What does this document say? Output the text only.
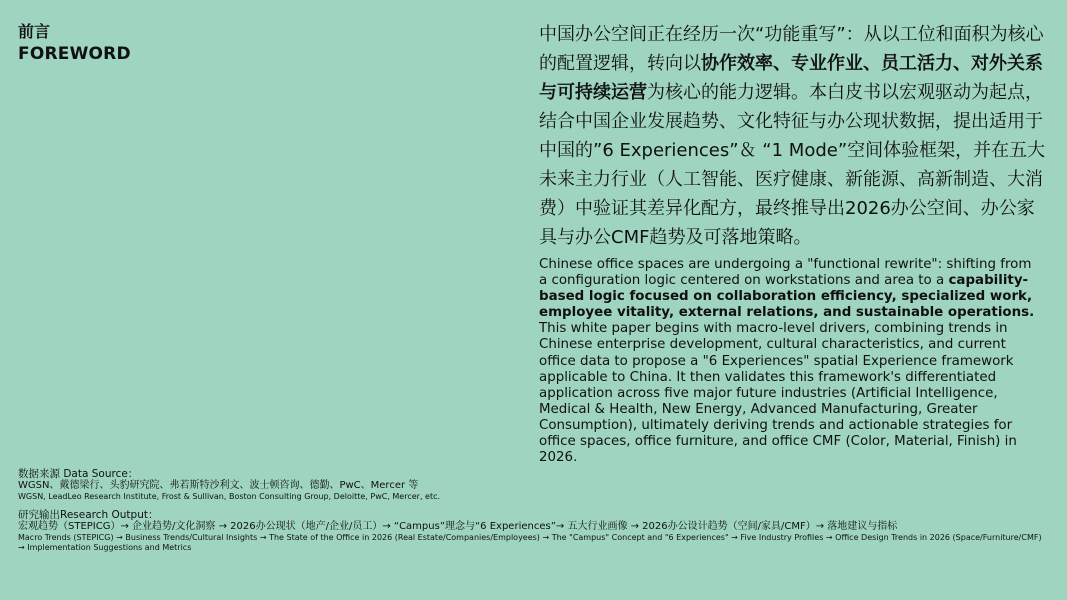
前言
FOREWORD

中国办公空间正在经历一次“功能重写”：从以工位和面积为核心的配置逻辑，转向以协作效率、专业作业、员工活力、对外关系与可持续运营为核心的能力逻辑。本白皮书以宏观驱动为起点，结合中国企业发展趋势、文化特征与办公现状数据，提出适用于中国的”6 Experiences”＆ “1 Mode”空间体验框架，并在五大未来主力行业（人工智能、医疗健康、新能源、高新制造、大消费）中验证其差异化配方，最终推导出2026办公空间、办公家具与办公CMF趋势及可落地策略。

Chinese office spaces are undergoing a "functional rewrite": shifting from a configuration logic centered on workstations and area to a capability-based logic focused on collaboration efficiency, specialized work, employee vitality, external relations, and sustainable operations. This white paper begins with macro-level drivers, combining trends in Chinese enterprise development, cultural characteristics, and current office data to propose a "6 Experiences" spatial Experience framework applicable to China. It then validates this framework's differentiated application across five major future industries (Artificial Intelligence, Medical & Health, New Energy, Advanced Manufacturing, Greater Consumption), ultimately deriving trends and actionable strategies for office spaces, office furniture, and office CMF (Color, Material, Finish) in 2026.

数据来源 Data Source：
WGSN、戴德梁行、头豹研究院、弗若斯特沙利文、波士顿咨询、德勤、PwC、Mercer 等
WGSN, LeadLeo Research Institute, Frost & Sullivan, Boston Consulting Group, Deloitte, PwC, Mercer, etc.
研究输出Research Output：
宏观趋势（STEPICG）→ 企业趋势/文化洞察 → 2026办公现状（地产/企业/员工）→ “Campus”理念与“6 Experiences”→ 五大行业画像 → 2026办公设计趋势（空间/家具/CMF）→ 落地建议与指标
Macro Trends (STEPICG) → Business Trends/Cultural Insights → The State of the Office in 2026 (Real Estate/Companies/Employees) → The "Campus" Concept and "6 Experiences" → Five Industry Profiles → Office Design Trends in 2026 (Space/Furniture/CMF) → Implementation Suggestions and Metrics
